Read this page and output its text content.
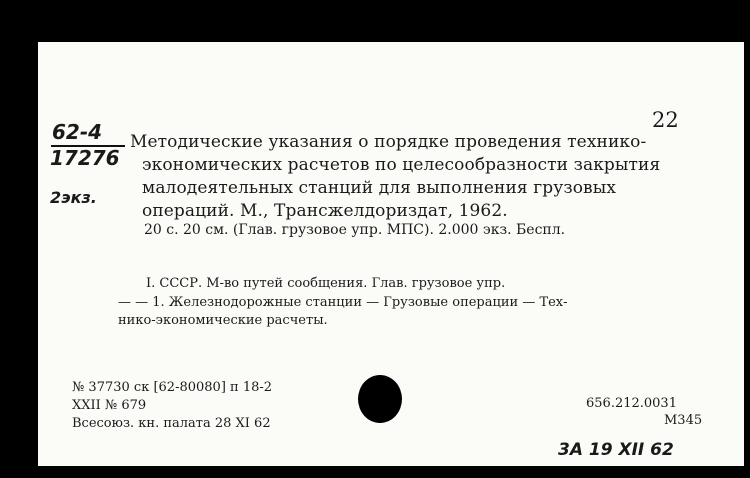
62-4
17276
2экз.
22
Методические указания о порядке проведения технико-
экономических расчетов по целесообразности закрытия
малодеятельных станций для выполнения грузовых
операций. М., Трансжелдориздат, 1962.
20 с. 20 см. (Глав. грузовое упр. МПС). 2.000 экз. Беспл.
I. СССР. М-во путей сообщения. Глав. грузовое упр.
— — 1. Железнодорожные станции — Грузовые операции — Тех-
нико-экономические расчеты.
№ 37730 ск [62-80080] п 18-2
XXII № 679
Всесоюз. кн. палата 28 XI 62
656.212.0031
М345
3А 19 XII 62
